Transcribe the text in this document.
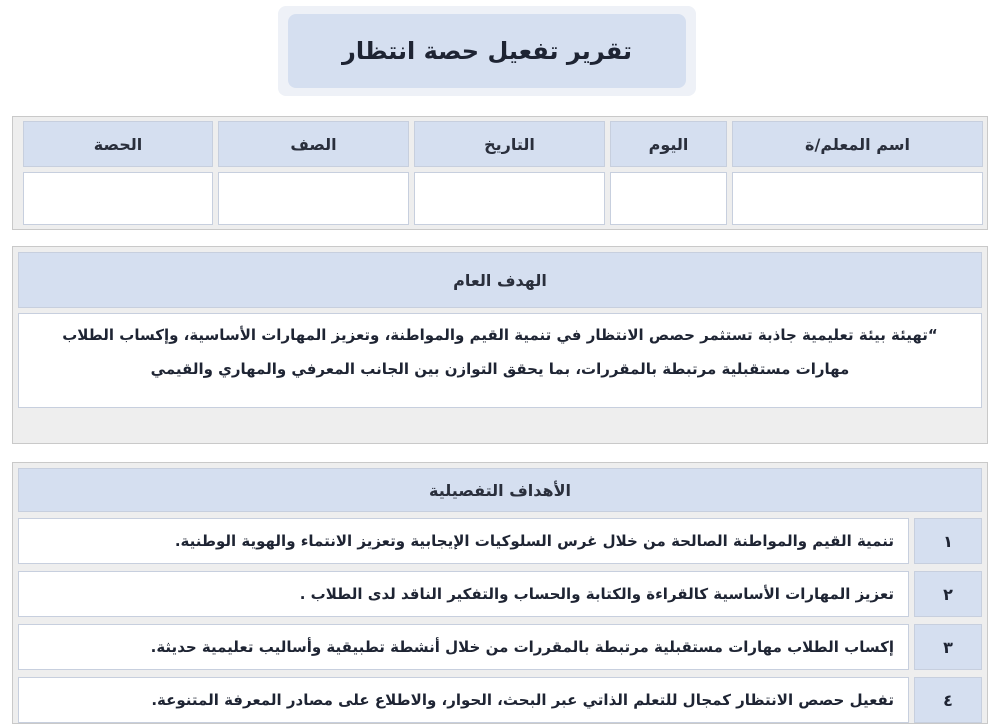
تقرير تفعيل حصة انتظار
اسم المعلم/ة
اليوم
التاريخ
الصف
الحصة
الهدف العام
“تهيئة بيئة تعليمية جاذبة تستثمر حصص الانتظار في تنمية القيم والمواطنة، وتعزيز المهارات الأساسية، وإكساب الطلاب
مهارات مستقبلية مرتبطة بالمقررات، بما يحقق التوازن بين الجانب المعرفي والمهاري والقيمي
الأهداف التفصيلية
١
تنمية القيم والمواطنة الصالحة من خلال غرس السلوكيات الإيجابية وتعزيز الانتماء والهوية الوطنية.
٢
تعزيز المهارات الأساسية كالقراءة والكتابة والحساب والتفكير الناقد لدى الطلاب .
٣
إكساب الطلاب مهارات مستقبلية مرتبطة بالمقررات من خلال أنشطة تطبيقية وأساليب تعليمية حديثة.
٤
تفعيل حصص الانتظار كمجال للتعلم الذاتي عبر البحث، الحوار، والاطلاع على مصادر المعرفة المتنوعة.
